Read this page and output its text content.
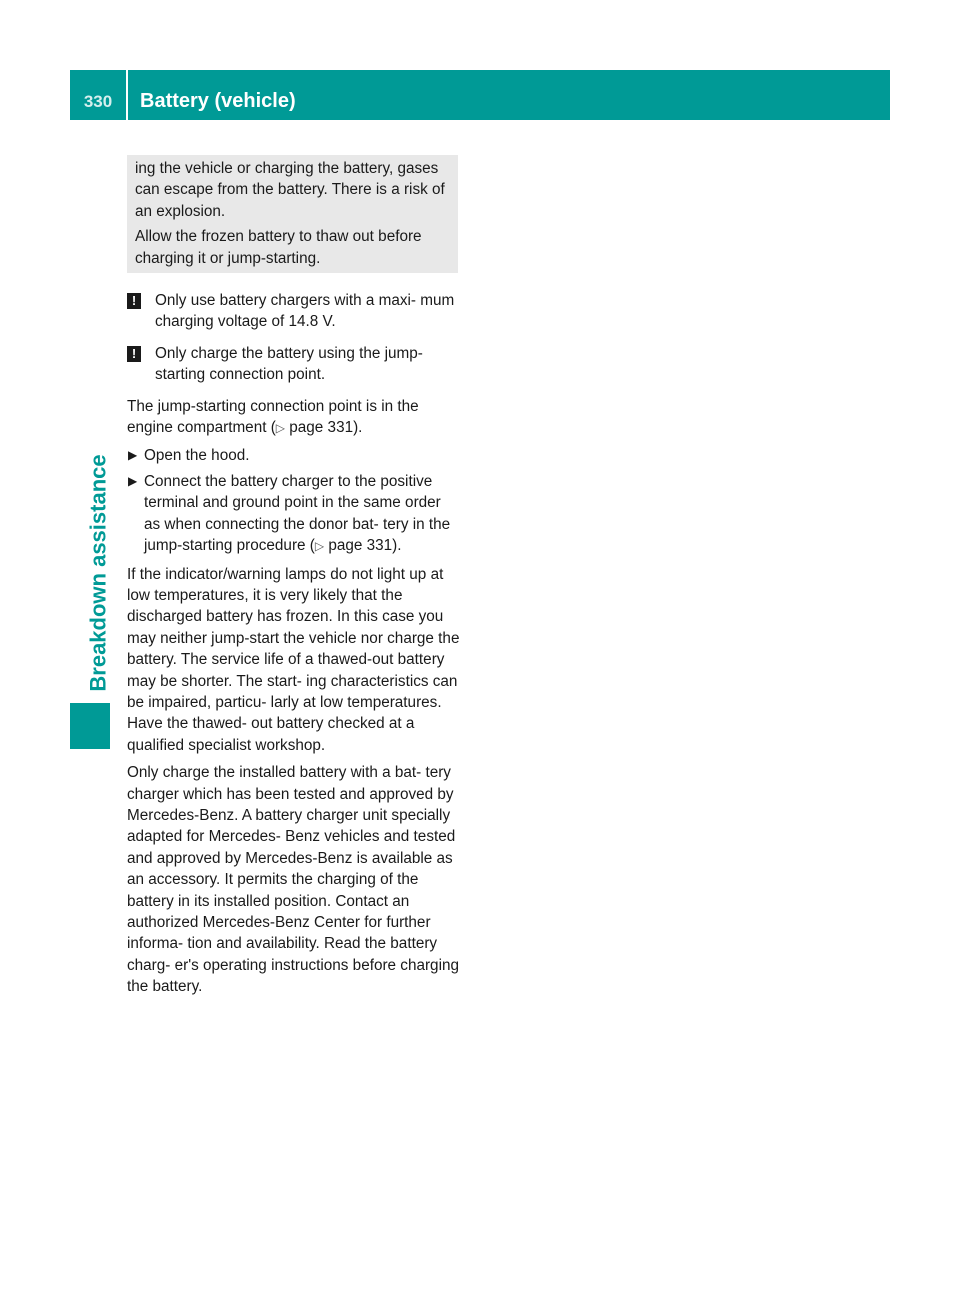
330	Battery (vehicle)
Breakdown assistance

ing the vehicle or charging the battery, gases can escape from the battery. There is a risk of an explosion.

Allow the frozen battery to thaw out before charging it or jump-starting.

!	Only use battery chargers with a maxi- mum charging voltage of 14.8 V.
!	Only charge the battery using the jump- starting connection point.

The jump-starting connection point is in the engine compartment (▷ page 331).

▶ Open the hood.
▶ Connect the battery charger to the positive terminal and ground point in the same order as when connecting the donor bat- tery in the jump-starting procedure (▷ page 331).

If the indicator/warning lamps do not light up at low temperatures, it is very likely that the discharged battery has frozen. In this case you may neither jump-start the vehicle nor charge the battery. The service life of a thawed-out battery may be shorter. The start- ing characteristics can be impaired, particu- larly at low temperatures. Have the thawed- out battery checked at a qualified specialist workshop.

Only charge the installed battery with a bat- tery charger which has been tested and approved by Mercedes-Benz. A battery charger unit specially adapted for Mercedes- Benz vehicles and tested and approved by Mercedes-Benz is available as an accessory. It permits the charging of the battery in its installed position. Contact an authorized Mercedes-Benz Center for further informa- tion and availability. Read the battery charg- er's operating instructions before charging the battery.
